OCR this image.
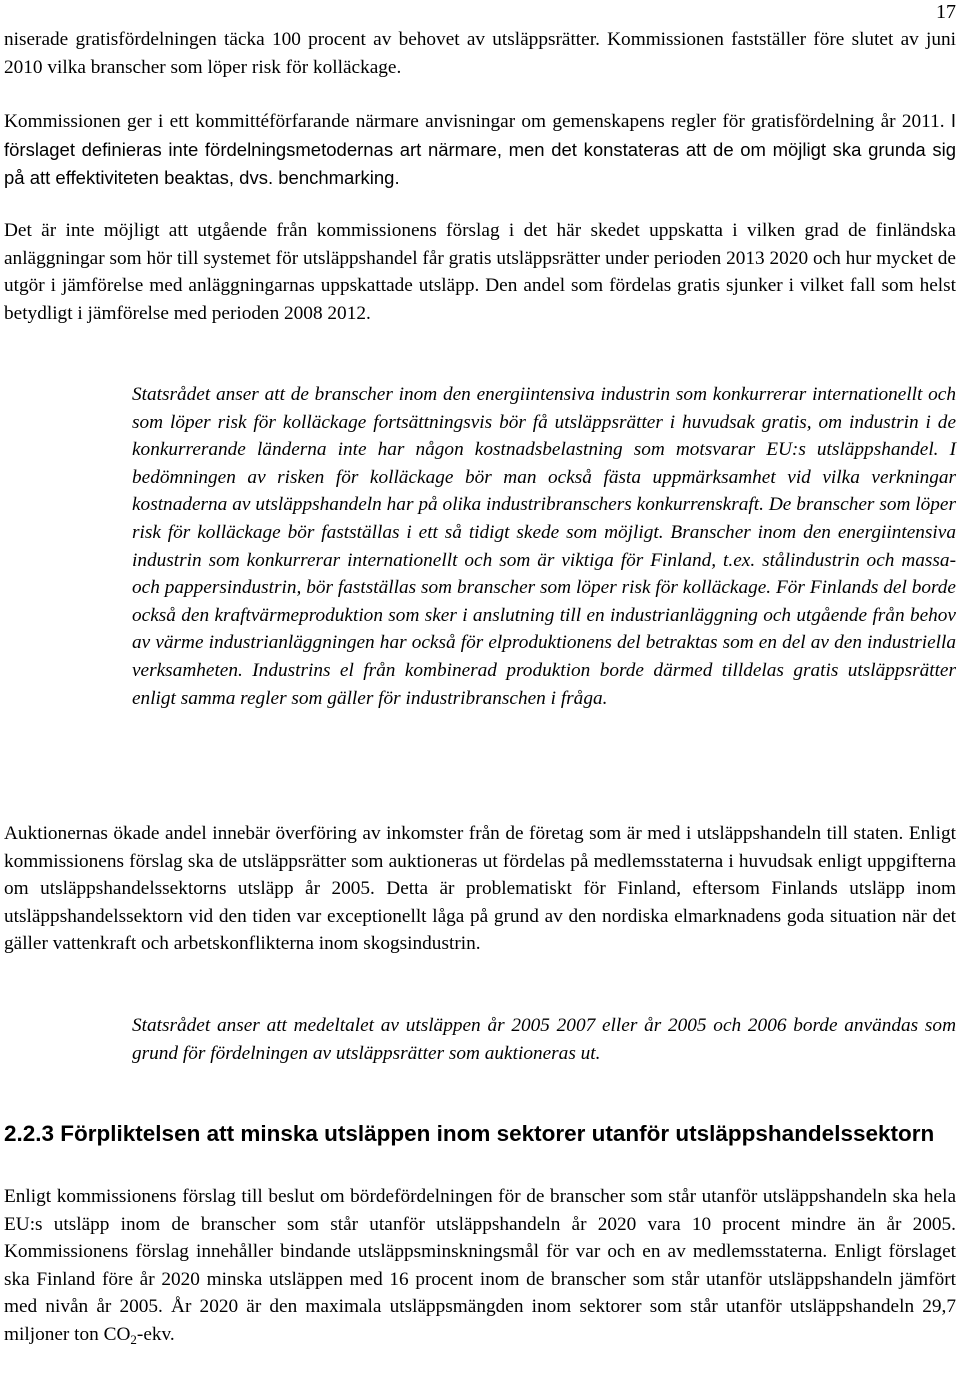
17

niserade gratisfördelningen täcka 100 procent av behovet av utsläppsrätter. Kommissionen fastställer före slutet av juni 2010 vilka branscher som löper risk för kolläckage.

Kommissionen ger i ett kommittéförfarande närmare anvisningar om gemenskapens regler för gratisfördelning år 2011. I förslaget definieras inte fördelningsmetodernas art närmare, men det konstateras att de om möjligt ska grunda sig på att effektiviteten beaktas, dvs. benchmarking.

Det är inte möjligt att utgående från kommissionens förslag i det här skedet uppskatta i vilken grad de finländska anläggningar som hör till systemet för utsläppshandel får gratis utsläppsrätter under perioden 2013 2020 och hur mycket de utgör i jämförelse med anläggningarnas uppskattade utsläpp. Den andel som fördelas gratis sjunker i vilket fall som helst betydligt i jämförelse med perioden 2008 2012.

Statsrådet anser att de branscher inom den energiintensiva industrin som konkurrerar internationellt och som löper risk för kolläckage fortsättningsvis bör få utsläppsrätter i huvudsak gratis, om industrin i de konkurrerande länderna inte har någon kostnadsbelastning som motsvarar EU:s utsläppshandel. I bedömningen av risken för kolläckage bör man också fästa uppmärksamhet vid vilka verkningar kostnaderna av utsläppshandeln har på olika industribranschers konkurrenskraft. De branscher som löper risk för kolläckage bör fastställas i ett så tidigt skede som möjligt. Branscher inom den energiintensiva industrin som konkurrerar internationellt och som är viktiga för Finland, t.ex. stålindustrin och massa- och pappersindustrin, bör fastställas som branscher som löper risk för kolläckage. För Finlands del borde också den kraftvärmeproduktion som sker i anslutning till en industrianläggning och utgående från behov av värme industrianläggningen har också för elproduktionens del betraktas som en del av den industriella verksamheten. Industrins el från kombinerad produktion borde därmed tilldelas gratis utsläppsrätter enligt samma regler som gäller för industribranschen i fråga.

Auktionernas ökade andel innebär överföring av inkomster från de företag som är med i utsläppshandeln till staten. Enligt kommissionens förslag ska de utsläppsrätter som auktioneras ut fördelas på medlemsstaterna i huvudsak enligt uppgifterna om utsläppshandelssektorns utsläpp år 2005. Detta är problematiskt för Finland, eftersom Finlands utsläpp inom utsläppshandelssektorn vid den tiden var exceptionellt låga på grund av den nordiska elmarknadens goda situation när det gäller vattenkraft och arbetskonflikterna inom skogsindustrin.

Statsrådet anser att medeltalet av utsläppen år 2005 2007 eller år 2005 och 2006 borde användas som grund för fördelningen av utsläppsrätter som auktioneras ut.

2.2.3 Förpliktelsen att minska utsläppen inom sektorer utanför utsläppshandelssektorn

Enligt kommissionens förslag till beslut om bördefördelningen för de branscher som står utanför utsläppshandeln ska hela EU:s utsläpp inom de branscher som står utanför utsläppshandeln år 2020 vara 10 procent mindre än år 2005. Kommissionens förslag innehåller bindande utsläppsminskningsmål för var och en av medlemsstaterna. Enligt förslaget ska Finland före år 2020 minska utsläppen med 16 procent inom de branscher som står utanför utsläppshandeln jämfört med nivån år 2005. År 2020 är den maximala utsläppsmängden inom sektorer som står utanför utsläppshandeln 29,7 miljoner ton $CO_2$-ekv.
